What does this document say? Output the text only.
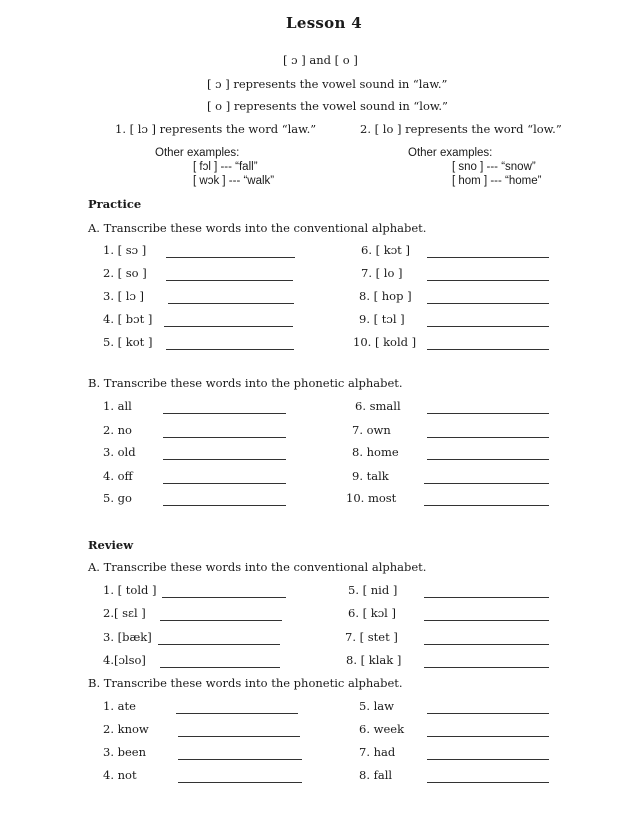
Lesson 4
[ ɔ ] and [ o ]
[ ɔ ] represents the vowel sound in “law.”
[ o ] represents the vowel sound in “low.”
1. [ lɔ ] represents the word “law.”	2. [ lo ] represents the word “low.”
Other examples:
[ fɔl ] --- “fall”
[ wɔk ] --- “walk”
Other examples:
[ sno ] --- “snow”
[ hom ] --- “home”
Practice
A. Transcribe these words into the conventional alphabet.
1. [ sɔ ]	6. [ kɔt ]
2. [ so ]	7. [ lo ]
3. [ lɔ ]	8. [ hop ]
4. [ bɔt ]	9. [ tɔl ]
5. [ kot ]	10. [ kold ]
B. Transcribe these words into the phonetic alphabet.
1. all	6. small
2. no	7. own
3. old	8. home
4. off	9. talk
5. go	10. most
Review
A. Transcribe these words into the conventional alphabet.
1. [ told ]	5. [ nid ]
2.[ sɛl ]	6. [ kɔl ]
3. [bæk]	7. [ stet ]
4.[ɔlso]	8. [ klak ]
B. Transcribe these words into the phonetic alphabet.
1. ate	5. law
2. know	6. week
3. been	7. had
4. not	8. fall
